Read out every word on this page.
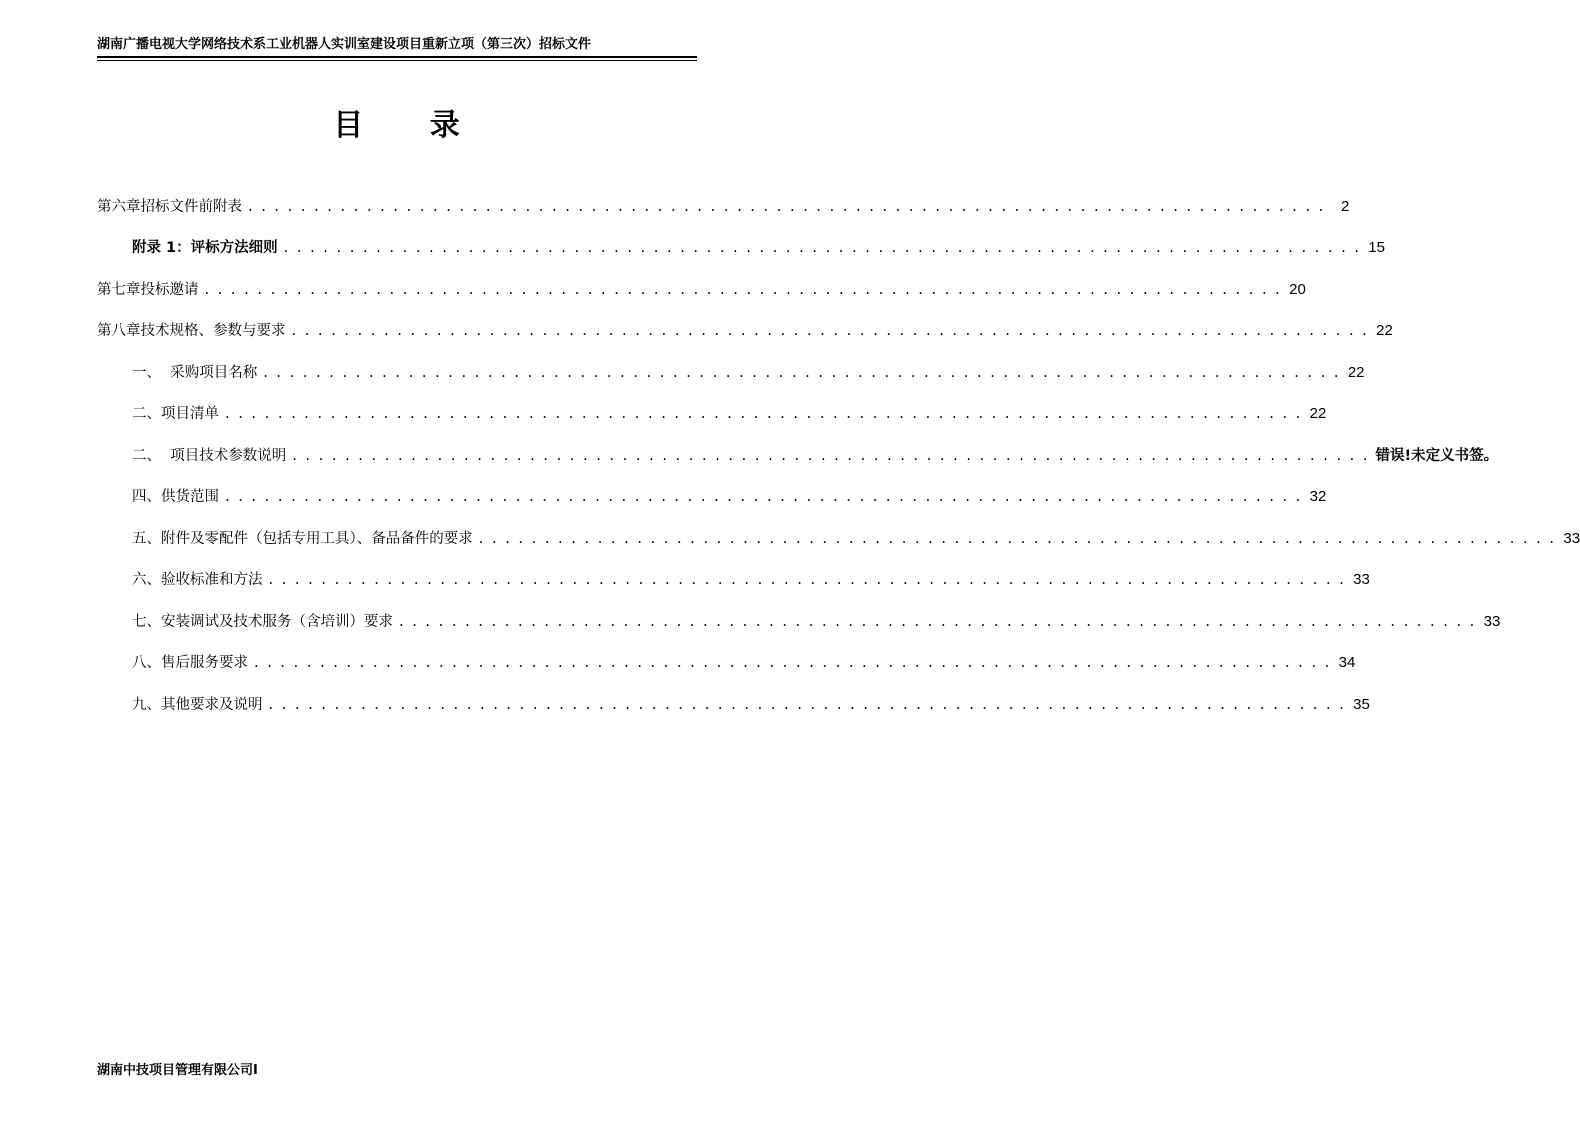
湖南广播电视大学网络技术系工业机器人实训室建设项目重新立项（第三次）招标文件
目 录
第六章招标文件前附表 . . . . . . . . . . . . . . . . . . . . . . . . . . . . . . . . . . . . . . . . . . . . . . . . . . . . . . . . . . . . . . . . . . . . . . . . . . . . . . . . . .	2
附录 1：评标方法细则 . . . . . . . . . . . . . . . . . . . . . . . . . . . . . . . . . . . . . . . . . . . . . . . . . . . . . . . . . . . . . . . . . . . . . . . . . . . . . . . . . . 15
第七章投标邀请 . . . . . . . . . . . . . . . . . . . . . . . . . . . . . . . . . . . . . . . . . . . . . . . . . . . . . . . . . . . . . . . . . . . . . . . . . . . . . . . . . . 20
第八章技术规格、参数与要求 . . . . . . . . . . . . . . . . . . . . . . . . . . . . . . . . . . . . . . . . . . . . . . . . . . . . . . . . . . . . . . . . . . . . . . . . . . . . . . . . . . 22
一、  采购项目名称 . . . . . . . . . . . . . . . . . . . . . . . . . . . . . . . . . . . . . . . . . . . . . . . . . . . . . . . . . . . . . . . . . . . . . . . . . . . . . . . . . . 22
二、项目清单 . . . . . . . . . . . . . . . . . . . . . . . . . . . . . . . . . . . . . . . . . . . . . . . . . . . . . . . . . . . . . . . . . . . . . . . . . . . . . . . . . . 22
二、  项目技术参数说明 . . . . . . . . . . . . . . . . . . . . . . . . . . . . . . . . . . . . . . . . . . . . . . . . . . . . . . . . . . . . . . . . . . . . . . . . . . . . . . . . . . 错误!未定义书签。
四、供货范围 . . . . . . . . . . . . . . . . . . . . . . . . . . . . . . . . . . . . . . . . . . . . . . . . . . . . . . . . . . . . . . . . . . . . . . . . . . . . . . . . . . 32
五、附件及零配件（包括专用工具）、备品备件的要求 . . . . . . . . . . . . . . . . . . . . . . . . . . . . . . . . . . . . . . . . . . . . . . . . . . . . . . . . . . . . . . . . . . . . . . . . . . . . . . . . . . 33
六、验收标准和方法 . . . . . . . . . . . . . . . . . . . . . . . . . . . . . . . . . . . . . . . . . . . . . . . . . . . . . . . . . . . . . . . . . . . . . . . . . . . . . . . . . . 33
七、安装调试及技术服务（含培训）要求 . . . . . . . . . . . . . . . . . . . . . . . . . . . . . . . . . . . . . . . . . . . . . . . . . . . . . . . . . . . . . . . . . . . . . . . . . . . . . . . . . . 33
八、售后服务要求 . . . . . . . . . . . . . . . . . . . . . . . . . . . . . . . . . . . . . . . . . . . . . . . . . . . . . . . . . . . . . . . . . . . . . . . . . . . . . . . . . . 34
九、其他要求及说明 . . . . . . . . . . . . . . . . . . . . . . . . . . . . . . . . . . . . . . . . . . . . . . . . . . . . . . . . . . . . . . . . . . . . . . . . . . . . . . . . . . 35
湖南中技项目管理有限公司I
